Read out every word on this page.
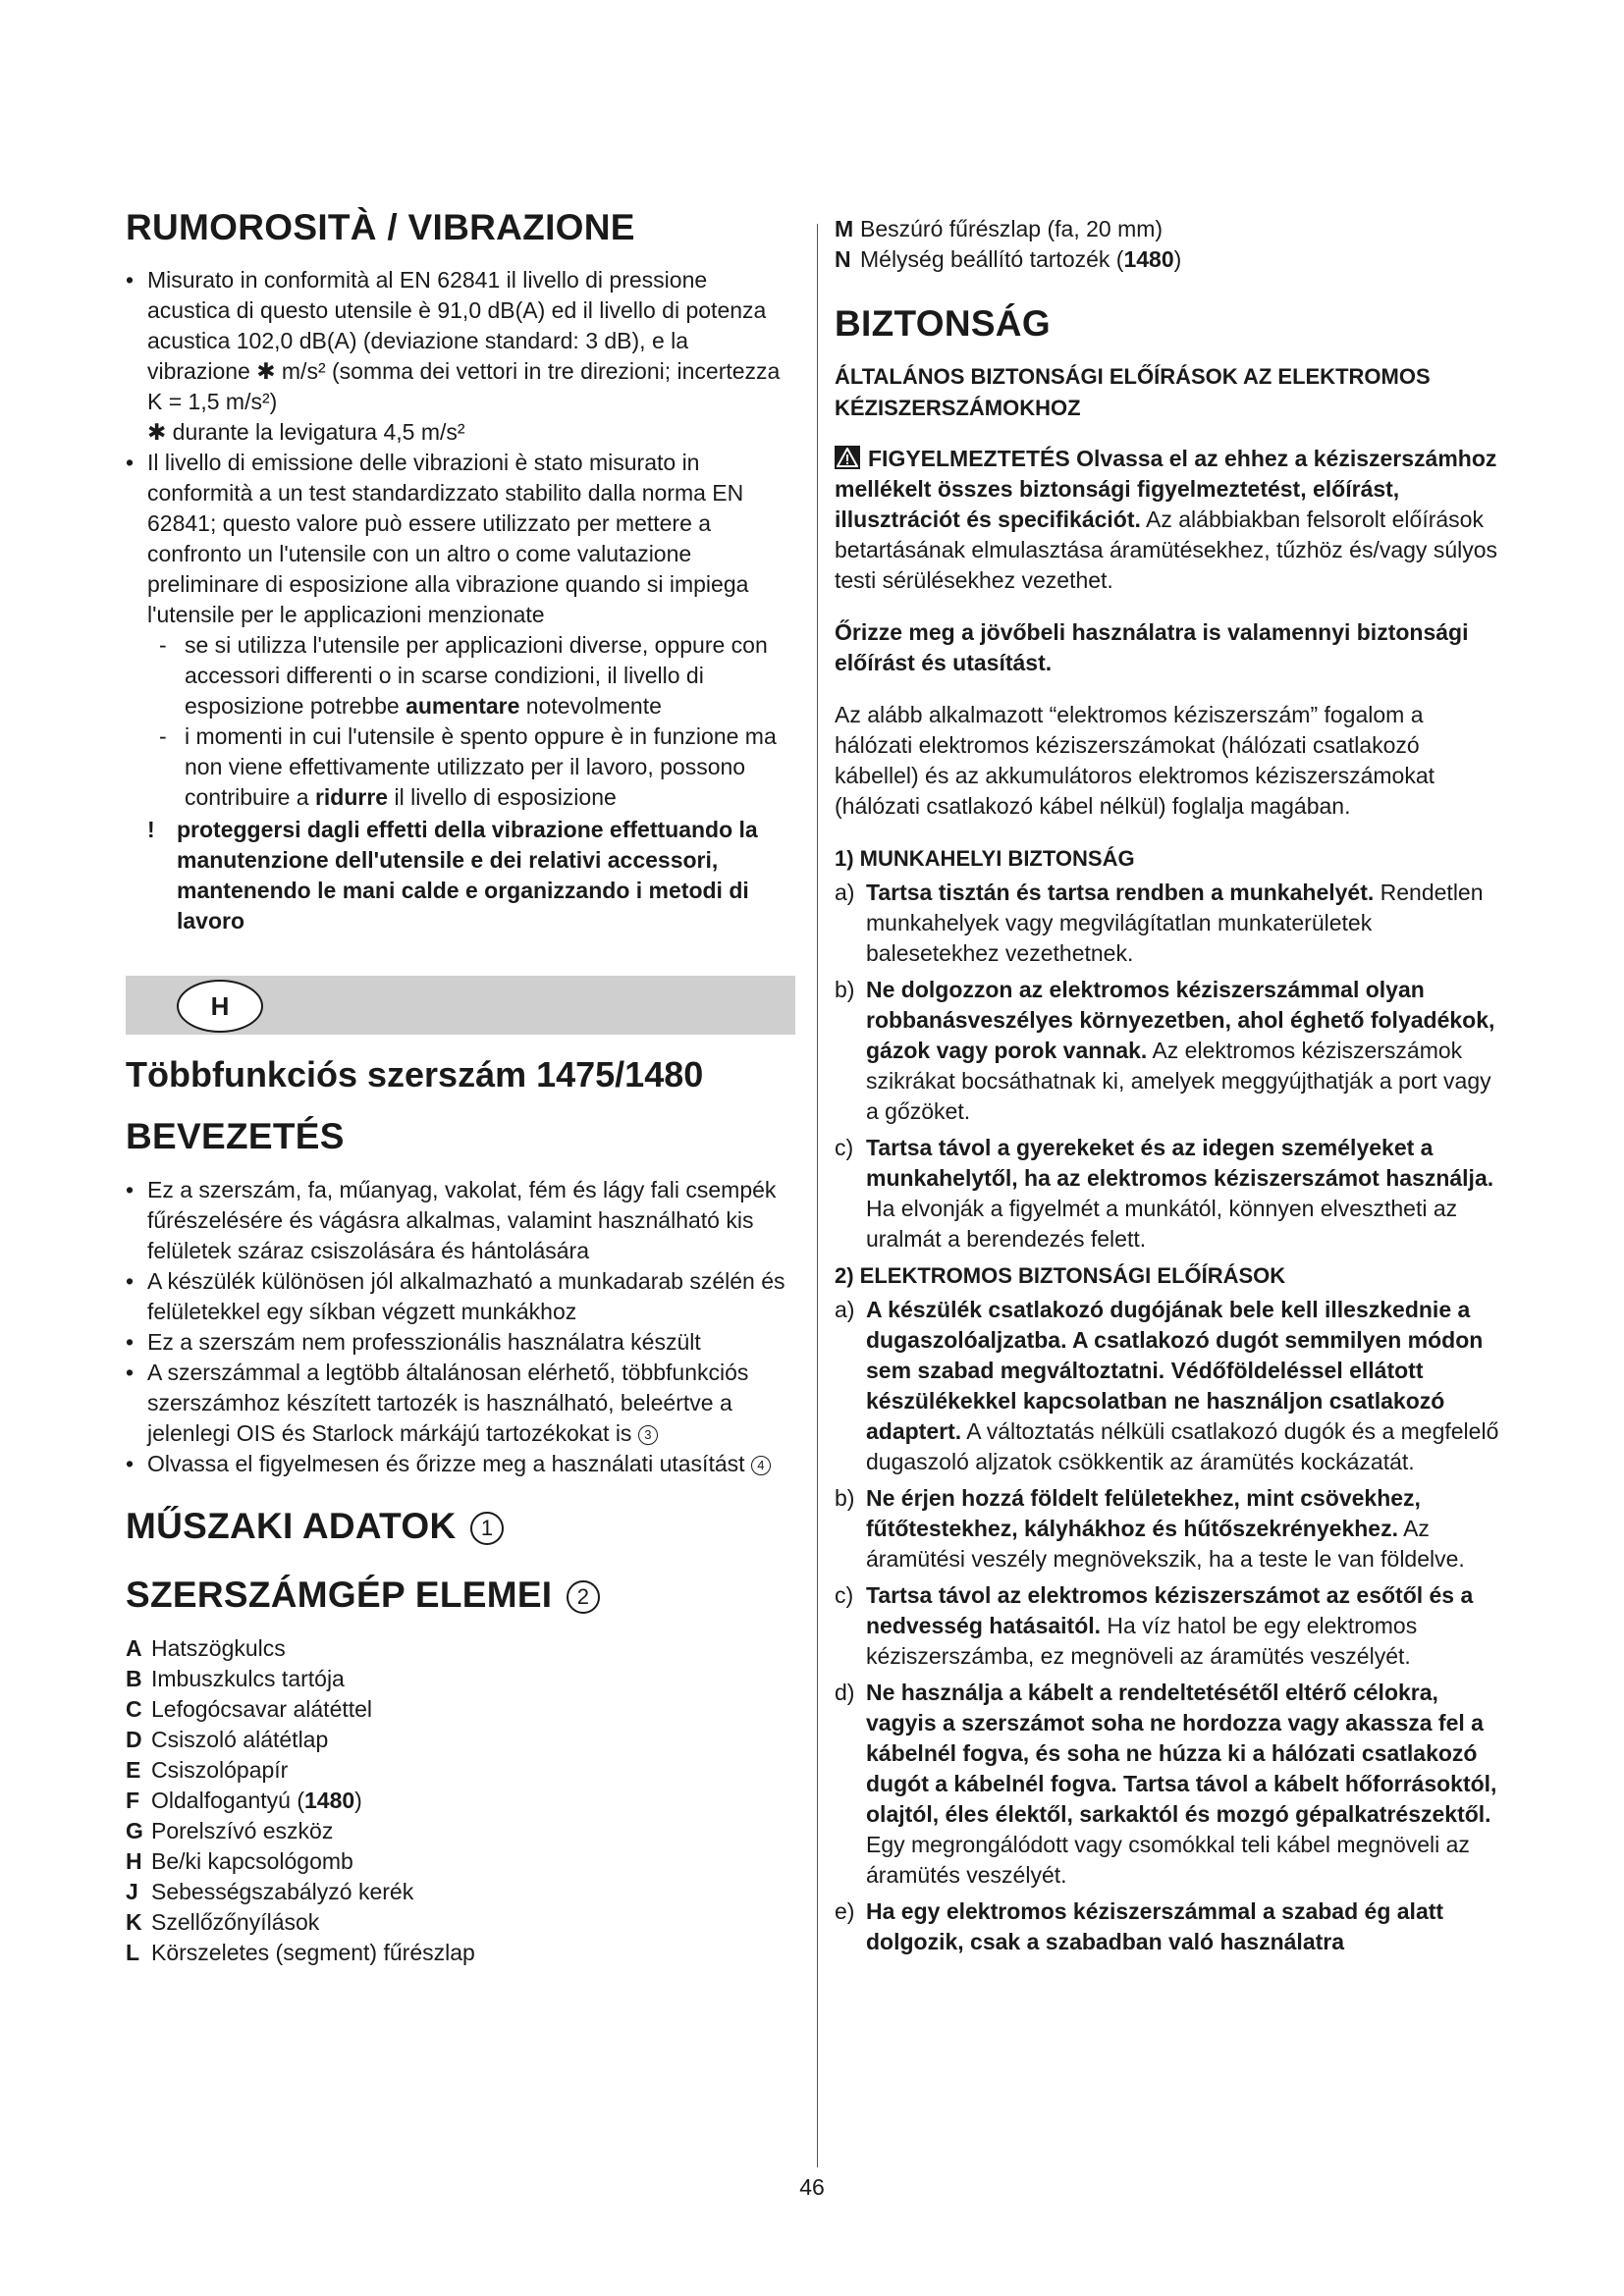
RUMOROSITÀ / VIBRAZIONE
• Misurato in conformità al EN 62841 il livello di pressione acustica di questo utensile è 91,0 dB(A) ed il livello di potenza acustica 102,0 dB(A) (deviazione standard: 3 dB), e la vibrazione ✱ m/s² (somma dei vettori in tre direzioni; incertezza K = 1,5 m/s²)
✱ durante la levigatura 4,5 m/s²
• Il livello di emissione delle vibrazioni è stato misurato in conformità a un test standardizzato stabilito dalla norma EN 62841; questo valore può essere utilizzato per mettere a confronto un l'utensile con un altro o come valutazione preliminare di esposizione alla vibrazione quando si impiega l'utensile per le applicazioni menzionate
- se si utilizza l'utensile per applicazioni diverse, oppure con accessori differenti o in scarse condizioni, il livello di esposizione potrebbe aumentare notevolmente
- i momenti in cui l'utensile è spento oppure è in funzione ma non viene effettivamente utilizzato per il lavoro, possono contribuire a ridurre il livello di esposizione
! proteggersi dagli effetti della vibrazione effettuando la manutenzione dell'utensile e dei relativi accessori, mantenendo le mani calde e organizzando i metodi di lavoro
H
Többfunkciós szerszám 1475/1480
BEVEZETÉS
• Ez a szerszám, fa, műanyag, vakolat, fém és lágy fali csempék fűrészelésére és vágásra alkalmas, valamint használható kis felületek száraz csiszolására és hántolására
• A készülék különösen jól alkalmazható a munkadarab szélén és felületekkel egy síkban végzett munkákhoz
• Ez a szerszám nem professzionális használatra készült
• A szerszámmal a legtöbb általánosan elérhető, többfunkciós szerszámhoz készített tartozék is használható, beleértve a jelenlegi OIS és Starlock márkájú tartozékokat is 3
• Olvassa el figyelmesen és őrizze meg a használati utasítást 4
MŰSZAKI ADATOK 1
SZERSZÁMGÉP ELEMEI 2
A Hatszögkulcs
B Imbuszkulcs tartója
C Lefogócsavar alátéttel
D Csiszoló alátétlap
E Csiszolópapír
F Oldalfogantyú (1480)
G Porelszívó eszköz
H Be/ki kapcsológomb
J Sebességszabályzó kerék
K Szellőzőnyílások
L Körszeletes (segment) fűrészlap
M Beszúró fűrészlap (fa, 20 mm)
N Mélység beállító tartozék (1480)
BIZTONSÁG
ÁLTALÁNOS BIZTONSÁGI ELŐÍRÁSOK AZ ELEKTROMOS KÉZISZERSZÁMOKHOZ

FIGYELMEZTETÉS Olvassa el az ehhez a kéziszerszámhoz mellékelt összes biztonsági figyelmeztetést, előírást, illusztrációt és specifikációt. Az alábbiakban felsorolt előírások betartásának elmulasztása áramütésekhez, tűzhöz és/vagy súlyos testi sérülésekhez vezethet.

Őrizze meg a jövőbeli használatra is valamennyi biztonsági előírást és utasítást.

Az alább alkalmazott “elektromos kéziszerszám” fogalom a hálózati elektromos kéziszerszámokat (hálózati csatlakozó kábellel) és az akkumulátoros elektromos kéziszerszámokat (hálózati csatlakozó kábel nélkül) foglalja magában.

1) MUNKAHELYI BIZTONSÁG
a) Tartsa tisztán és tartsa rendben a munkahelyét. Rendetlen munkahelyek vagy megvilágítatlan munkaterületek balesetekhez vezethetnek.
b) Ne dolgozzon az elektromos kéziszerszámmal olyan robbanásveszélyes környezetben, ahol éghető folyadékok, gázok vagy porok vannak. Az elektromos kéziszerszámok szikrákat bocsáthatnak ki, amelyek meggyújthatják a port vagy a gőzöket.
c) Tartsa távol a gyerekeket és az idegen személyeket a munkahelytől, ha az elektromos kéziszerszámot használja. Ha elvonják a figyelmét a munkától, könnyen elvesztheti az uralmát a berendezés felett.
2) ELEKTROMOS BIZTONSÁGI ELŐÍRÁSOK
a) A készülék csatlakozó dugójának bele kell illeszkednie a dugaszolóaljzatba. A csatlakozó dugót semmilyen módon sem szabad megváltoztatni. Védőföldeléssel ellátott készülékekkel kapcsolatban ne használjon csatlakozó adaptert. A változtatás nélküli csatlakozó dugók és a megfelelő dugaszoló aljzatok csökkentik az áramütés kockázatát.
b) Ne érjen hozzá földelt felületekhez, mint csövekhez, fűtőtestekhez, kályhákhoz és hűtőszekrényekhez. Az áramütési veszély megnövekszik, ha a teste le van földelve.
c) Tartsa távol az elektromos kéziszerszámot az esőtől és a nedvesség hatásaitól. Ha víz hatol be egy elektromos kéziszerszámba, ez megnöveli az áramütés veszélyét.
d) Ne használja a kábelt a rendeltetésétől eltérő célokra, vagyis a szerszámot soha ne hordozza vagy akassza fel a kábelnél fogva, és soha ne húzza ki a hálózati csatlakozó dugót a kábelnél fogva. Tartsa távol a kábelt hőforrásoktól, olajtól, éles élektől, sarkaktól és mozgó gépalkatrészektől. Egy megrongálódott vagy csomókkal teli kábel megnöveli az áramütés veszélyét.
e) Ha egy elektromos kéziszerszámmal a szabad ég alatt dolgozik, csak a szabadban való használatra
46
